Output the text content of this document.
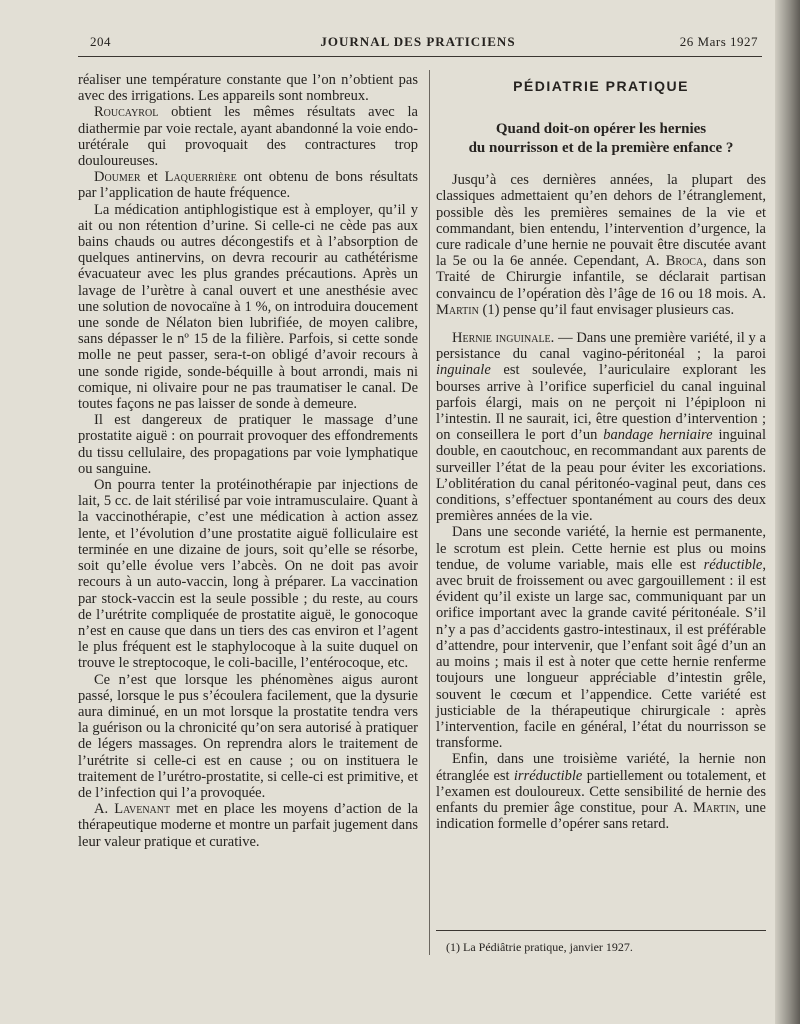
204	JOURNAL DES PRATICIENS	26 Mars 1927

réaliser une température constante que l’on n’obtient pas avec des irrigations. Les appareils sont nombreux.

Roucayrol obtient les mêmes résultats avec la diathermie par voie rectale, ayant abandonné la voie endo-urétérale qui provoquait des contractures trop douloureuses.

Doumer et Laquerrière ont obtenu de bons résultats par l’application de haute fréquence.

La médication antiphlogistique est à employer, qu’il y ait ou non rétention d’urine. Si celle-ci ne cède pas aux bains chauds ou autres décongestifs et à l’absorption de quelques antinervins, on devra recourir au cathétérisme évacuateur avec les plus grandes précautions. Après un lavage de l’urètre à canal ouvert et une anesthésie avec une solution de novocaïne à 1 %, on introduira doucement une sonde de Nélaton bien lubrifiée, de moyen calibre, sans dépasser le nº 15 de la filière. Parfois, si cette sonde molle ne peut passer, sera-t-on obligé d’avoir recours à une sonde rigide, sonde-béquille à bout arrondi, mais ni comique, ni olivaire pour ne pas traumatiser le canal. De toutes façons ne pas laisser de sonde à demeure.

Il est dangereux de pratiquer le massage d’une prostatite aiguë : on pourrait provoquer des effondrements du tissu cellulaire, des propagations par voie lymphatique ou sanguine.

On pourra tenter la protéinothérapie par injections de lait, 5 cc. de lait stérilisé par voie intramusculaire. Quant à la vaccinothérapie, c’est une médication à action assez lente, et l’évolution d’une prostatite aiguë folliculaire est terminée en une dizaine de jours, soit qu’elle se résorbe, soit qu’elle évolue vers l’abcès. On ne doit pas avoir recours à un auto-vaccin, long à préparer. La vaccination par stock-vaccin est la seule possible ; du reste, au cours de l’urétrite compliquée de prostatite aiguë, le gonocoque n’est en cause que dans un tiers des cas environ et l’agent le plus fréquent est le staphylocoque à la suite duquel on trouve le streptocoque, le coli-bacille, l’entérocoque, etc.

Ce n’est que lorsque les phénomènes aigus auront passé, lorsque le pus s’écoulera facilement, que la dysurie aura diminué, en un mot lorsque la prostatite tendra vers la guérison ou la chronicité qu’on sera autorisé à pratiquer de légers massages. On reprendra alors le traitement de l’urétrite si celle-ci est en cause ; ou on instituera le traitement de l’urétro-prostatite, si celle-ci est primitive, et de l’infection qui l’a provoquée.

A. Lavenant met en place les moyens d’action de la thérapeutique moderne et montre un parfait jugement dans leur valeur pratique et curative.

PÉDIATRIE PRATIQUE
Quand doit-on opérer les hernies
du nourrisson et de la première enfance ?

Jusqu’à ces dernières années, la plupart des classiques admettaient qu’en dehors de l’étranglement, possible dès les premières semaines de la vie et commandant, bien entendu, l’intervention d’urgence, la cure radicale d’une hernie ne pouvait être discutée avant la 5e ou la 6e année. Cependant, A. Broca, dans son Traité de Chirurgie infantile, se déclarait partisan convaincu de l’opération dès l’âge de 16 ou 18 mois. A. Martin (1) pense qu’il faut envisager plusieurs cas.

Hernie inguinale. — Dans une première variété, il y a persistance du canal vagino-péritonéal ; la paroi inguinale est soulevée, l’auriculaire explorant les bourses arrive à l’orifice superficiel du canal inguinal parfois élargi, mais on ne perçoit ni l’épiploon ni l’intestin. Il ne saurait, ici, être question d’intervention ; on conseillera le port d’un bandage herniaire inguinal double, en caoutchouc, en recommandant aux parents de surveiller l’état de la peau pour éviter les excoriations. L’oblitération du canal péritonéo-vaginal peut, dans ces conditions, s’effectuer spontanément au cours des deux premières années de la vie.

Dans une seconde variété, la hernie est permanente, le scrotum est plein. Cette hernie est plus ou moins tendue, de volume variable, mais elle est réductible, avec bruit de froissement ou avec gargouillement : il est évident qu’il existe un large sac, communiquant par un orifice important avec la grande cavité péritonéale. S’il n’y a pas d’accidents gastro-intestinaux, il est préférable d’attendre, pour intervenir, que l’enfant soit âgé d’un an au moins ; mais il est à noter que cette hernie renferme toujours une longueur appréciable d’intestin grêle, souvent le cœcum et l’appendice. Cette variété est justiciable de la thérapeutique chirurgicale : après l’intervention, facile en général, l’état du nourrisson se transforme.

Enfin, dans une troisième variété, la hernie non étranglée est irréductible partiellement ou totalement, et l’examen est douloureux. Cette sensibilité de hernie des enfants du premier âge constitue, pour A. Martin, une indication formelle d’opérer sans retard.

(1) La Pédiâtrie pratique, janvier 1927.
